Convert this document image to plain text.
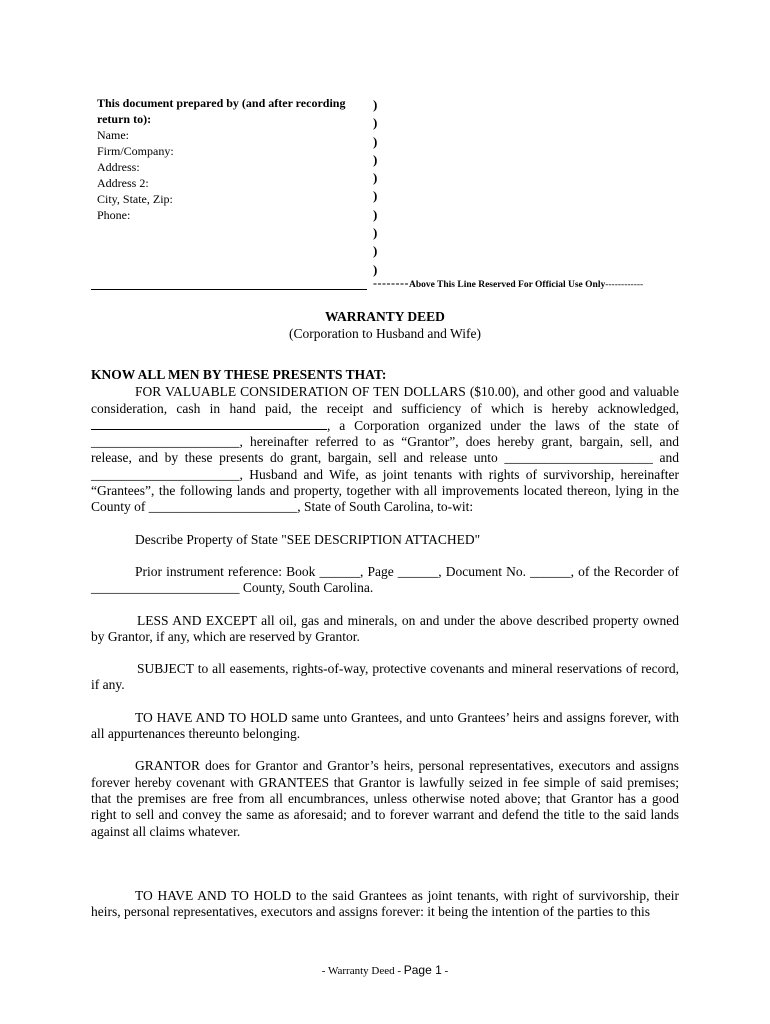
This document prepared by (and after recording return to):
Name:
Firm/Company:
Address:
Address 2:
City, State, Zip:
Phone:
)
)
)
)
)
)
)
)
)
)
--------Above This Line Reserved For Official Use Only------------
WARRANTY DEED
(Corporation to Husband and Wife)

KNOW ALL MEN BY THESE PRESENTS THAT:

FOR VALUABLE CONSIDERATION OF TEN DOLLARS ($10.00), and other good and valuable consideration, cash in hand paid, the receipt and sufficiency of which is hereby acknowledged, , a Corporation organized under the laws of the state of ______________________, hereinafter referred to as “Grantor”, does hereby grant, bargain, sell, and release, and by these presents do grant, bargain, sell and release unto ______________________ and ______________________, Husband and Wife, as joint tenants with rights of survivorship, hereinafter “Grantees”, the following lands and property, together with all improvements located thereon, lying in the County of ______________________, State of South Carolina, to-wit:

Describe Property of State "SEE DESCRIPTION ATTACHED"

Prior instrument reference: Book ______, Page ______, Document No. ______, of the Recorder of ______________________ County, South Carolina.

LESS AND EXCEPT all oil, gas and minerals, on and under the above described property owned by Grantor, if any, which are reserved by Grantor.

SUBJECT to all easements, rights-of-way, protective covenants and mineral reservations of record, if any.

TO HAVE AND TO HOLD same unto Grantees, and unto Grantees’ heirs and assigns forever, with all appurtenances thereunto belonging.

GRANTOR does for Grantor and Grantor’s heirs, personal representatives, executors and assigns forever hereby covenant with GRANTEES that Grantor is lawfully seized in fee simple of said premises; that the premises are free from all encumbrances, unless otherwise noted above; that Grantor has a good right to sell and convey the same as aforesaid; and to forever warrant and defend the title to the said lands against all claims whatever.

TO HAVE AND TO HOLD to the said Grantees as joint tenants, with right of survivorship, their heirs, personal representatives, executors and assigns forever: it being the intention of the parties to this

- Warranty Deed - Page 1 -
